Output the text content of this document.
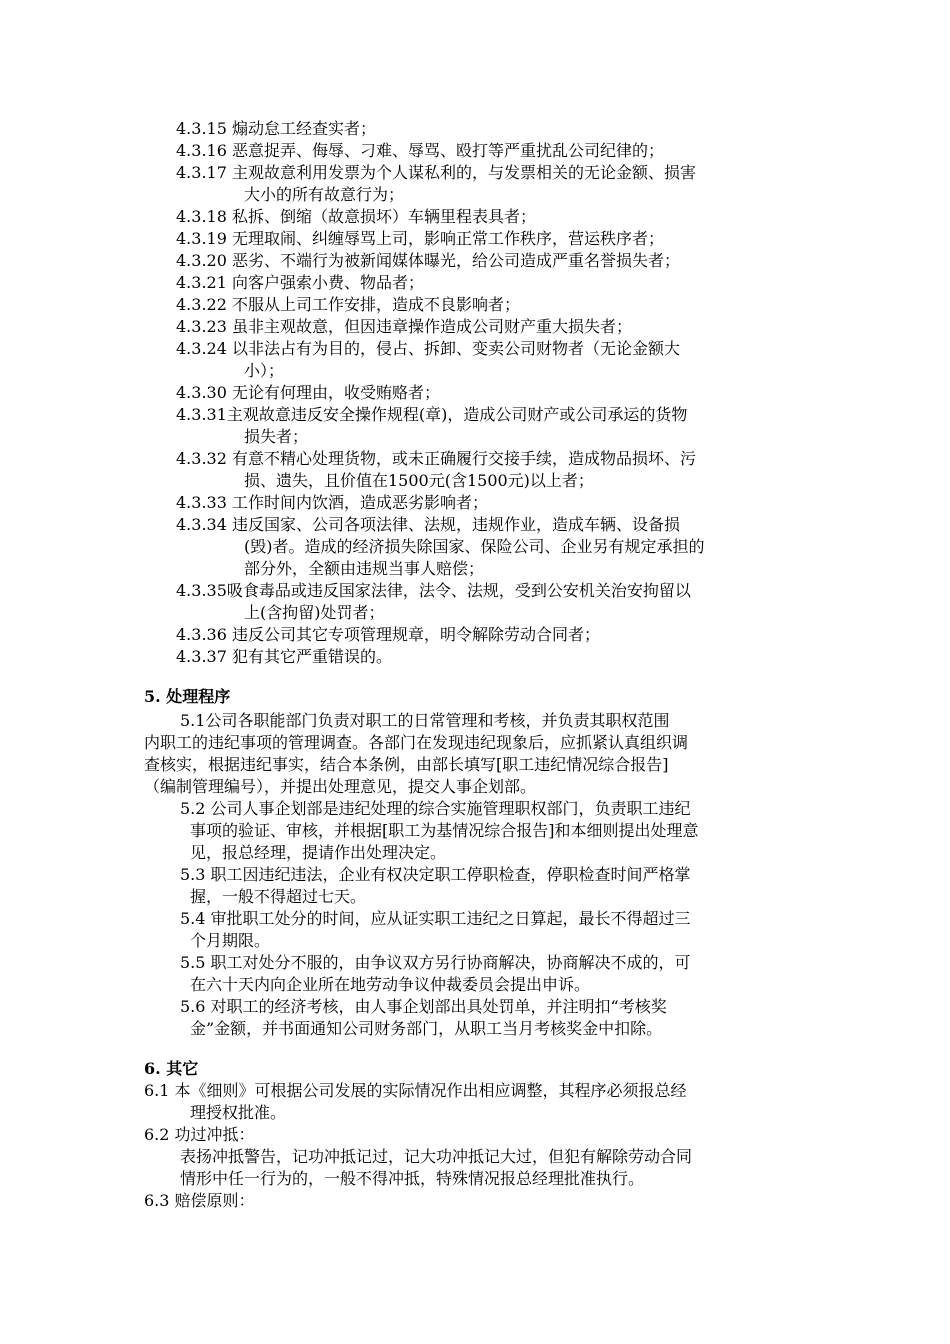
4.3.15 煽动怠工经查实者；
4.3.16 恶意捉弄、侮辱、刁难、辱骂、殴打等严重扰乱公司纪律的；
4.3.17 主观故意利用发票为个人谋私利的，与发票相关的无论金额、损害
大小的所有故意行为；
4.3.18 私拆、倒缩（故意损坏）车辆里程表具者；
4.3.19 无理取闹、纠缠辱骂上司，影响正常工作秩序，营运秩序者；
4.3.20 恶劣、不端行为被新闻媒体曝光，给公司造成严重名誉损失者；
4.3.21 向客户强索小费、物品者；
4.3.22 不服从上司工作安排，造成不良影响者；
4.3.23 虽非主观故意，但因违章操作造成公司财产重大损失者；
4.3.24 以非法占有为目的，侵占、拆卸、变卖公司财物者（无论金额大
小）；
4.3.30 无论有何理由，收受贿赂者；
4.3.31主观故意违反安全操作规程(章)，造成公司财产或公司承运的货物
损失者；
4.3.32 有意不精心处理货物，或未正确履行交接手续，造成物品损坏、污
损、遗失，且价值在1500元(含1500元)以上者；
4.3.33 工作时间内饮酒，造成恶劣影响者；
4.3.34 违反国家、公司各项法律、法规，违规作业，造成车辆、设备损
(毁)者。造成的经济损失除国家、保险公司、企业另有规定承担的
部分外，全额由违规当事人赔偿；
4.3.35吸食毒品或违反国家法律，法令、法规，受到公安机关治安拘留以
上(含拘留)处罚者；
4.3.36 违反公司其它专项管理规章，明令解除劳动合同者；
4.3.37 犯有其它严重错误的。
5. 处理程序
5.1公司各职能部门负责对职工的日常管理和考核，并负责其职权范围
内职工的违纪事项的管理调查。各部门在发现违纪现象后，应抓紧认真组织调
查核实，根据违纪事实，结合本条例，由部长填写[职工违纪情况综合报告]
（编制管理编号），并提出处理意见，提交人事企划部。
5.2 公司人事企划部是违纪处理的综合实施管理职权部门，负责职工违纪
事项的验证、审核，并根据[职工为基情况综合报告]和本细则提出处理意
见，报总经理，提请作出处理决定。
5.3 职工因违纪违法，企业有权决定职工停职检查，停职检查时间严格掌
握，一般不得超过七天。
5.4 审批职工处分的时间，应从证实职工违纪之日算起，最长不得超过三
个月期限。
5.5 职工对处分不服的，由争议双方另行协商解决，协商解决不成的，可
在六十天内向企业所在地劳动争议仲裁委员会提出申诉。
5.6 对职工的经济考核，由人事企划部出具处罚单，并注明扣“考核奖
金”金额，并书面通知公司财务部门，从职工当月考核奖金中扣除。
6. 其它
6.1 本《细则》可根据公司发展的实际情况作出相应调整，其程序必须报总经
理授权批准。
6.2 功过冲抵：
表扬冲抵警告，记功冲抵记过，记大功冲抵记大过，但犯有解除劳动合同
情形中任一行为的，一般不得冲抵，特殊情况报总经理批准执行。
6.3 赔偿原则：
